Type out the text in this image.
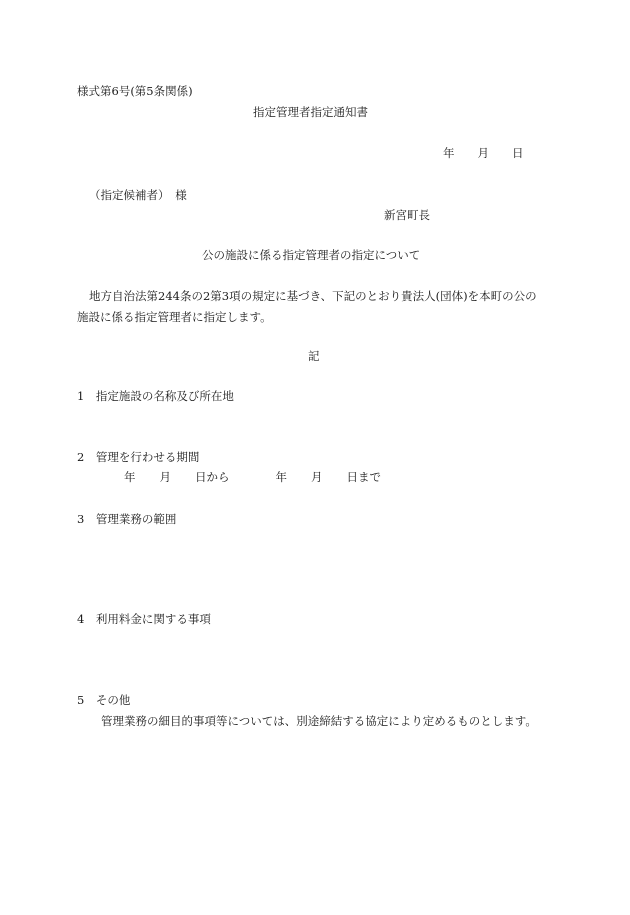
様式第6号(第5条関係)
指定管理者指定通知書
年 月 日
（指定候補者）　様
新宮町長
公の施設に係る指定管理者の指定について
地方自治法第244条の2第3項の規定に基づき、下記のとおり貴法人(団体)を本町の公の
施設に係る指定管理者に指定します。
記
1　指定施設の名称及び所在地
2　管理を行わせる期間
年 月 日から	年 月 日まで
3　管理業務の範囲
4　利用料金に関する事項
5　その他
管理業務の細目的事項等については、別途締結する協定により定めるものとします。
